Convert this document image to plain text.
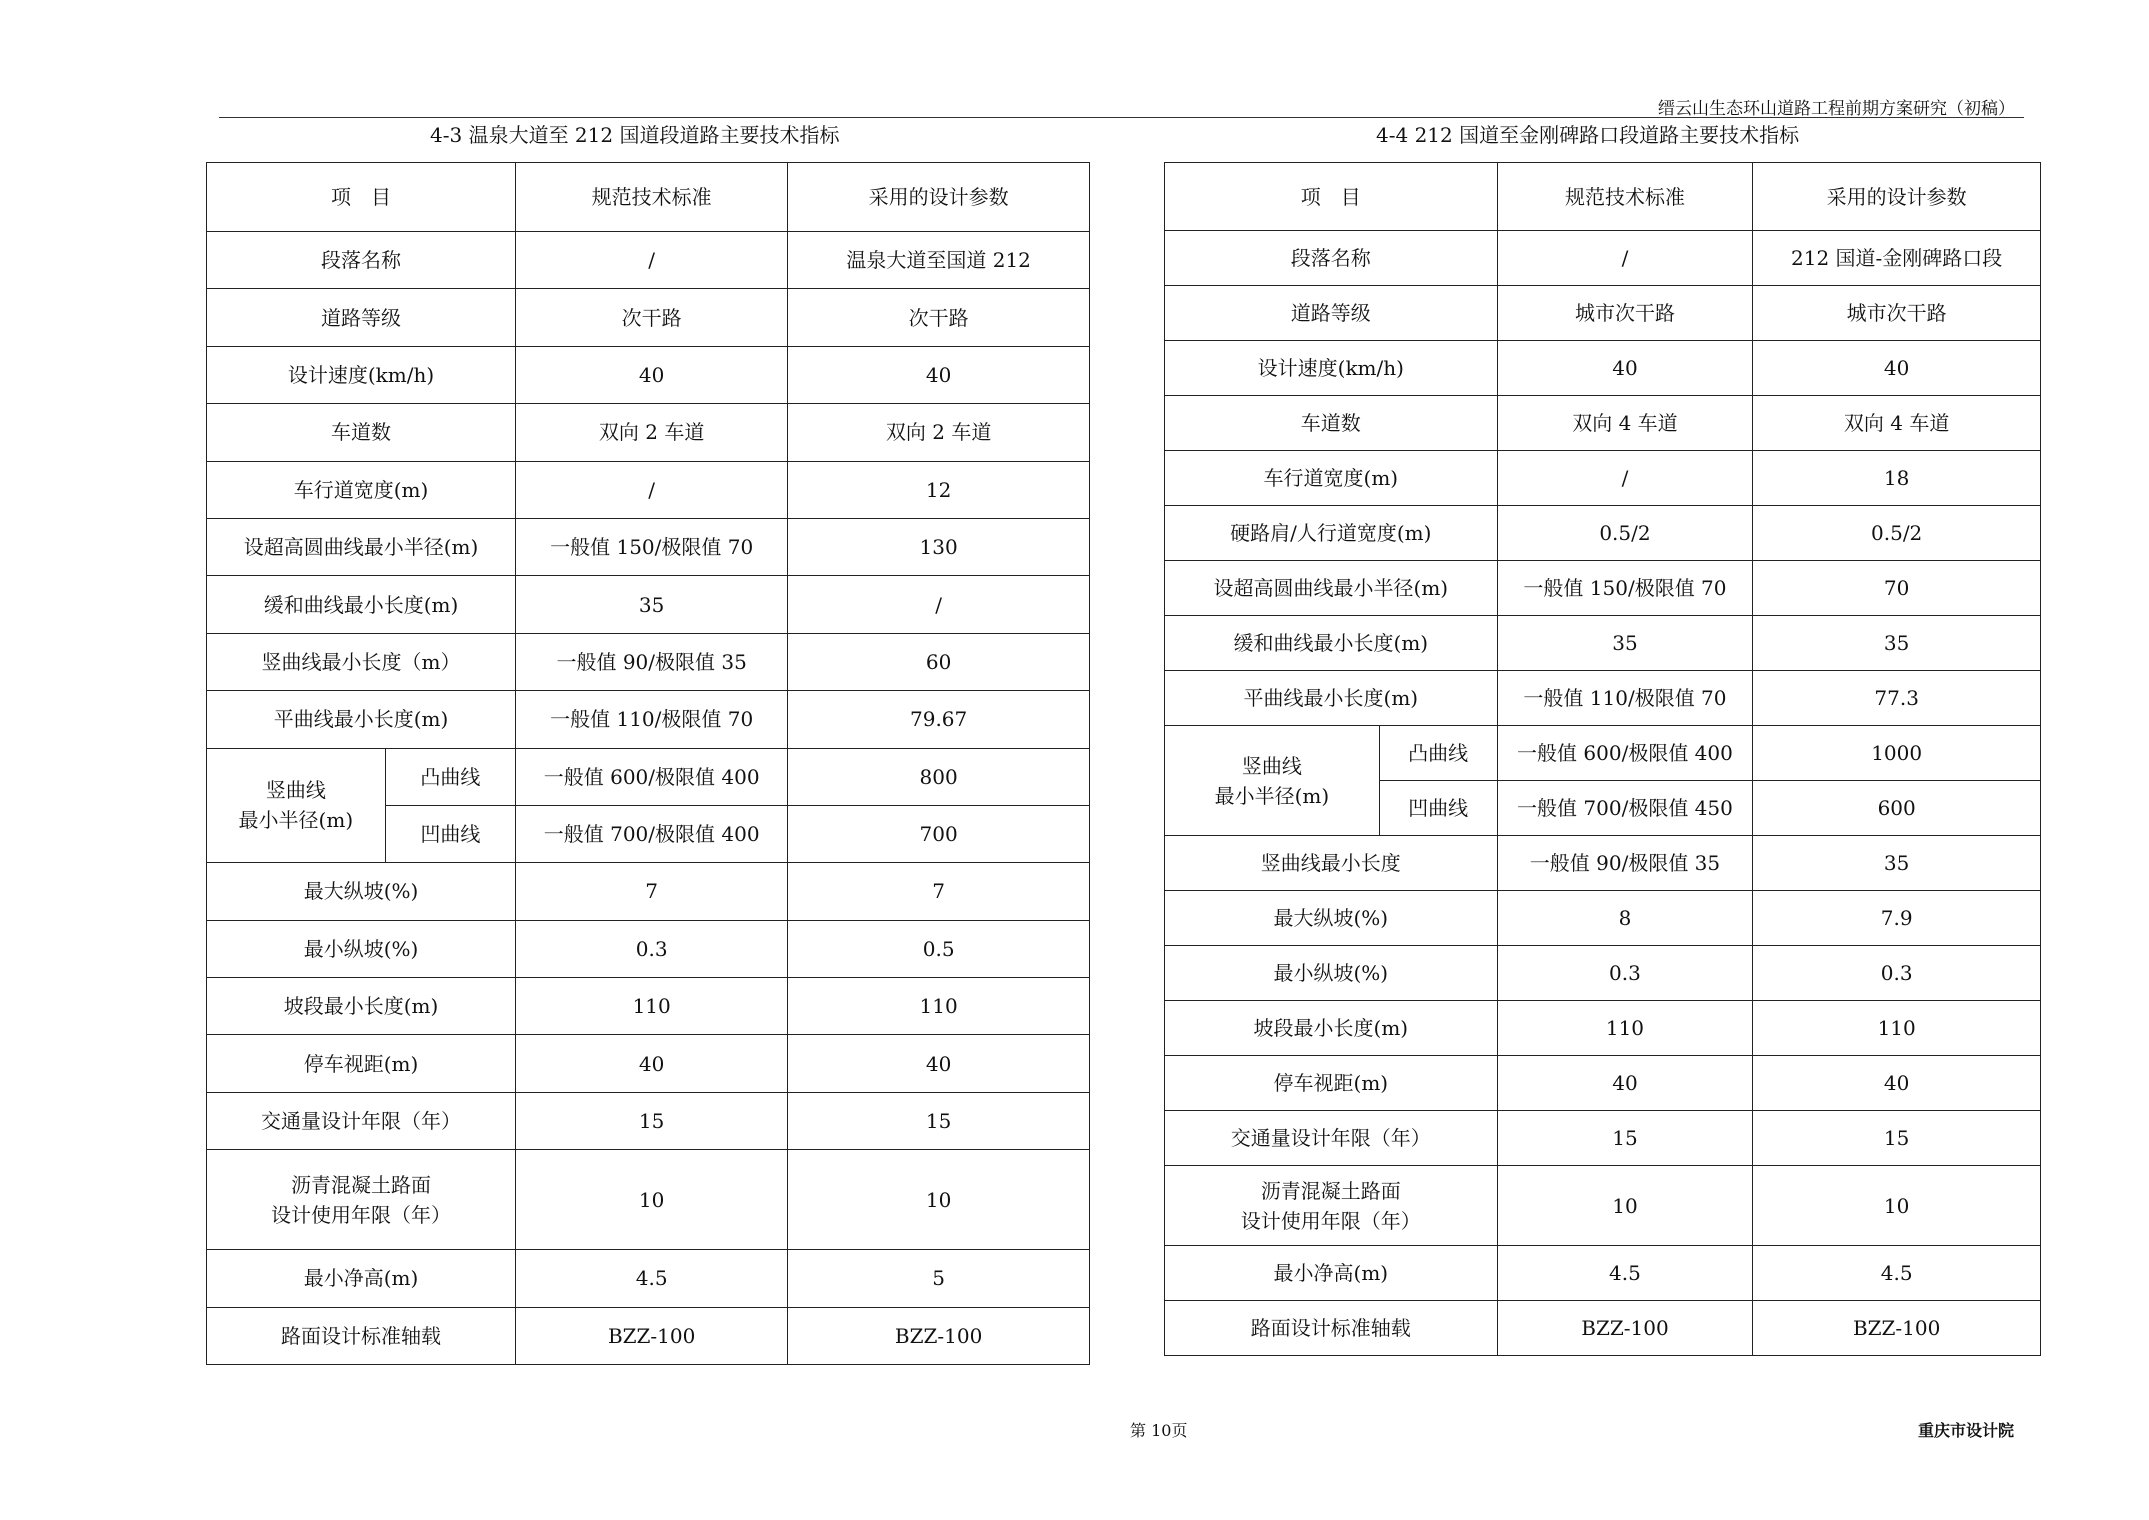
缙云山生态环山道路工程前期方案研究（初稿）
4-3 温泉大道至 212 国道段道路主要技术指标	4-4 212 国道至金刚碑路口段道路主要技术指标
项　目		规范技术标准	采用的设计参数
段落名称		/	温泉大道至国道 212
道路等级		次干路	次干路
设计速度(km/h)		40	40
车道数		双向 2 车道	双向 2 车道
车行道宽度(m)		/	12
设超高圆曲线最小半径(m)		一般值 150/极限值 70	130
缓和曲线最小长度(m)		35	/
竖曲线最小长度（m）		一般值 90/极限值 35	60
平曲线最小长度(m)		一般值 110/极限值 70	79.67

竖曲线
最小半径(m)	凸曲线	一般值 600/极限值 400	800
	凹曲线	一般值 700/极限值 400	700
最大纵坡(%)		7	7
最小纵坡(%)		0.3	0.5
坡段最小长度(m)		110	110
停车视距(m)		40	40
交通量设计年限（年）		15	15

沥青混凝土路面
设计使用年限（年）		10	10
最小净高(m)		4.5	5
路面设计标准轴载		BZZ-100	BZZ-100
项　目		规范技术标准	采用的设计参数
段落名称		/	212 国道-金刚碑路口段
道路等级		城市次干路	城市次干路
设计速度(km/h)		40	40
车道数		双向 4 车道	双向 4 车道
车行道宽度(m)		/	18
硬路肩/人行道宽度(m)		0.5/2	0.5/2
设超高圆曲线最小半径(m)		一般值 150/极限值 70	70
缓和曲线最小长度(m)		35	35
平曲线最小长度(m)		一般值 110/极限值 70	77.3

竖曲线
最小半径(m)	凸曲线	一般值 600/极限值 400	1000
	凹曲线	一般值 700/极限值 450	600
竖曲线最小长度		一般值 90/极限值 35	35
最大纵坡(%)		8	7.9
最小纵坡(%)		0.3	0.3
坡段最小长度(m)		110	110
停车视距(m)		40	40
交通量设计年限（年）		15	15

沥青混凝土路面
设计使用年限（年）		10	10
最小净高(m)		4.5	4.5
路面设计标准轴载		BZZ-100	BZZ-100
第 10页	重庆市设计院
